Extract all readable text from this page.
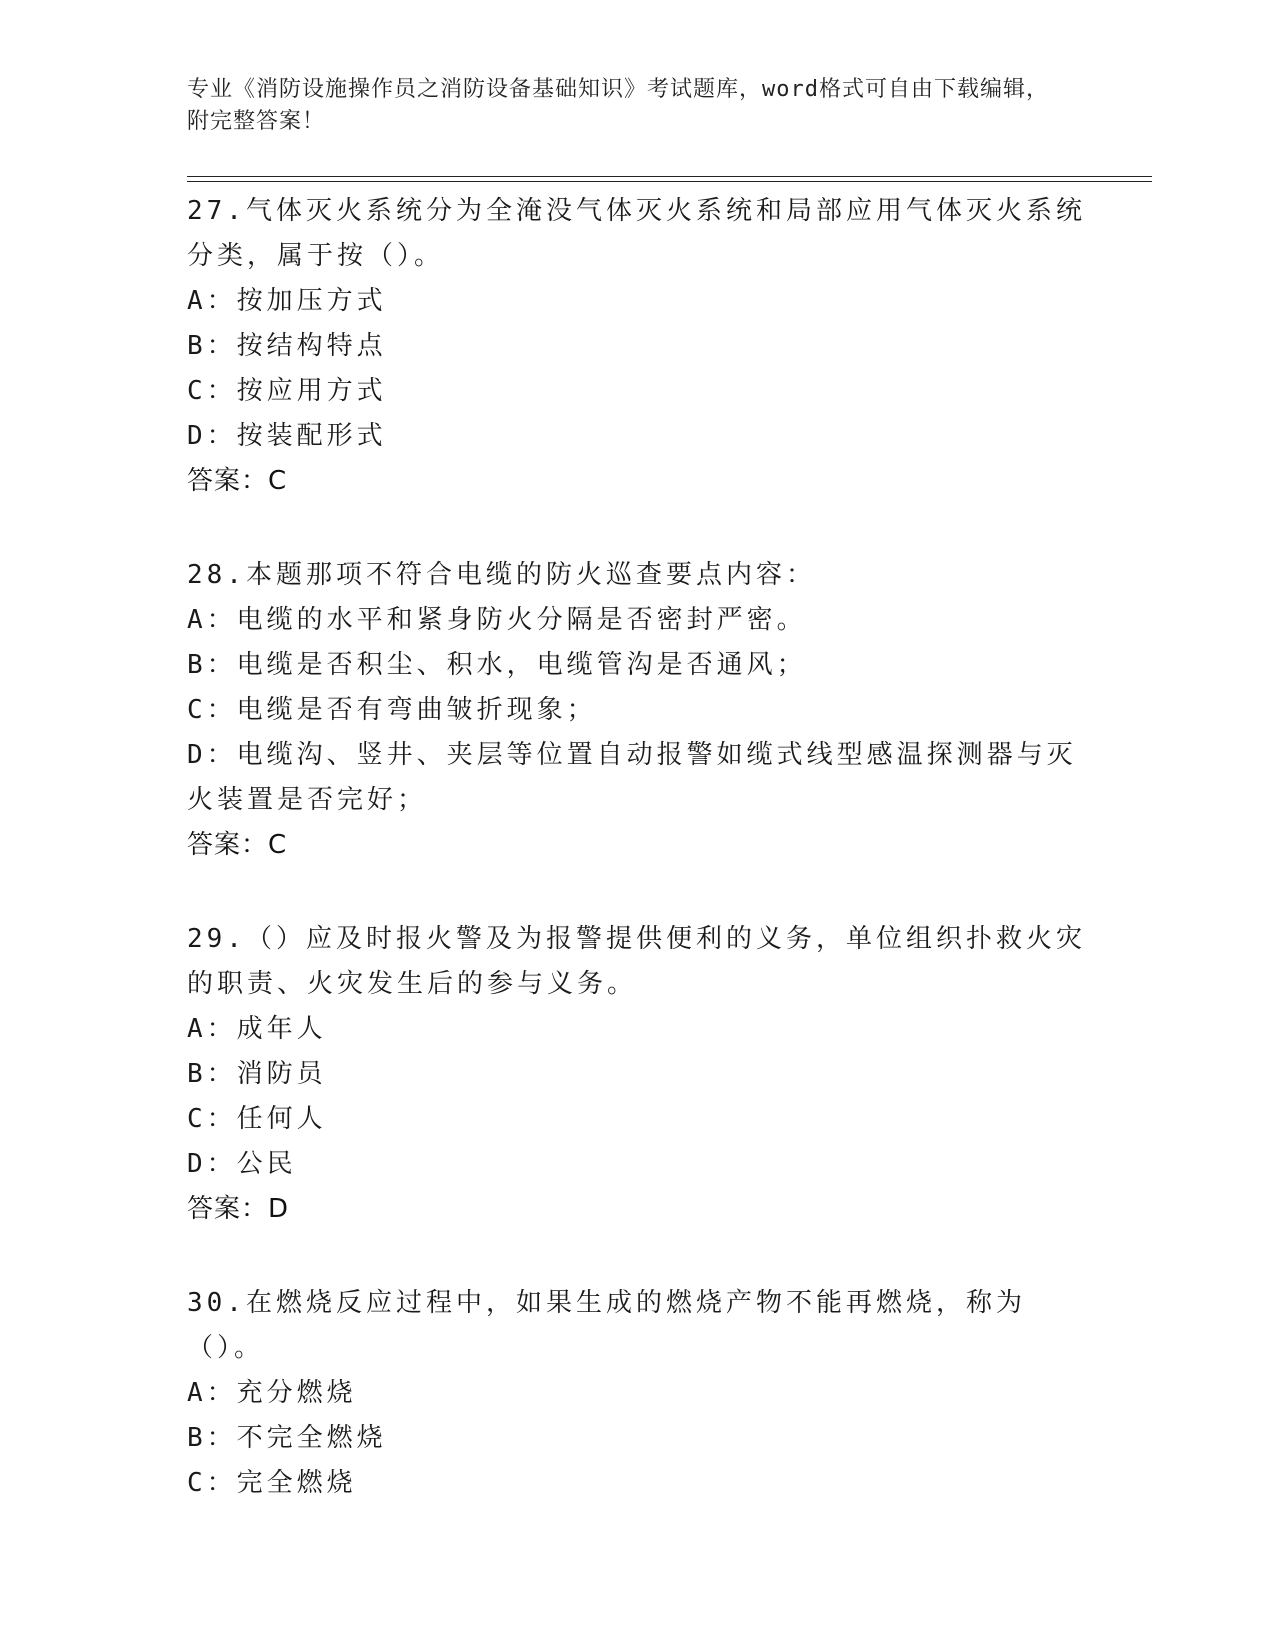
专业《消防设施操作员之消防设备基础知识》考试题库，word格式可自由下载编辑，附完整答案！
27.气体灭火系统分为全淹没气体灭火系统和局部应用气体灭火系统分类，属于按（）。
A：按加压方式
B：按结构特点
C：按应用方式
D：按装配形式
答案：C
28.本题那项不符合电缆的防火巡查要点内容：
A：电缆的水平和紧身防火分隔是否密封严密。
B：电缆是否积尘、积水，电缆管沟是否通风；
C：电缆是否有弯曲皱折现象；
D：电缆沟、竖井、夹层等位置自动报警如缆式线型感温探测器与灭火装置是否完好；
答案：C
29.（）应及时报火警及为报警提供便利的义务，单位组织扑救火灾的职责、火灾发生后的参与义务。
A：成年人
B：消防员
C：任何人
D：公民
答案：D
30.在燃烧反应过程中，如果生成的燃烧产物不能再燃烧，称为（）。
A：充分燃烧
B：不完全燃烧
C：完全燃烧
